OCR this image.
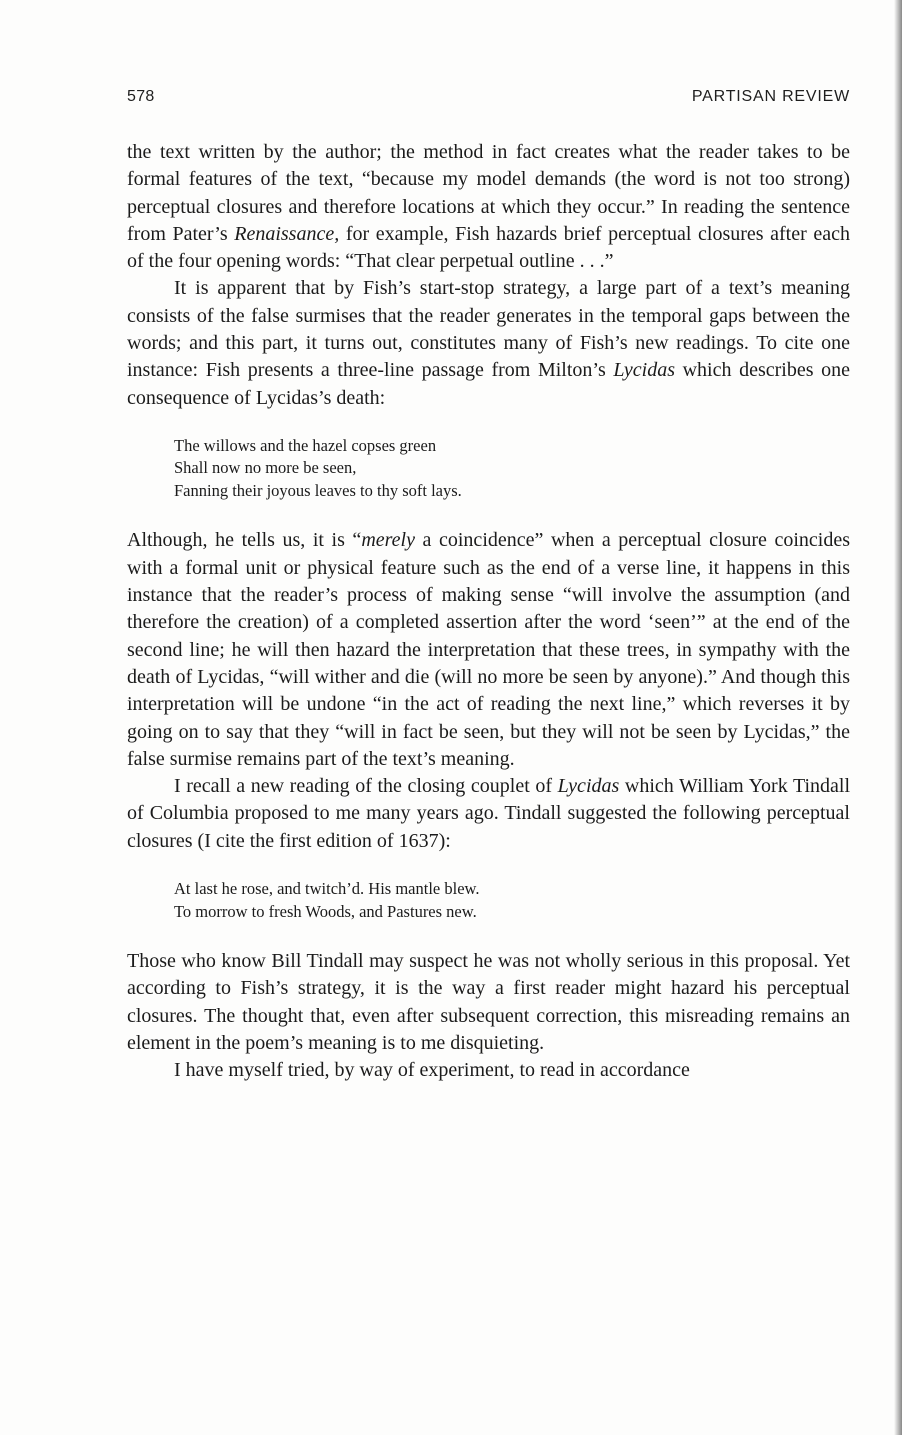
578	PARTISAN REVIEW

the text written by the author; the method in fact creates what the reader takes to be formal features of the text, “because my model demands (the word is not too strong) perceptual closures and therefore locations at which they occur.” In reading the sentence from Pater’s Renaissance, for example, Fish hazards brief perceptual closures after each of the four opening words: “That clear perpetual outline . . .”

It is apparent that by Fish’s start-stop strategy, a large part of a text’s meaning consists of the false surmises that the reader generates in the temporal gaps between the words; and this part, it turns out, constitutes many of Fish’s new readings. To cite one instance: Fish presents a three-line passage from Milton’s Lycidas which describes one consequence of Lycidas’s death:

The willows and the hazel copses green
Shall now no more be seen,
Fanning their joyous leaves to thy soft lays.

Although, he tells us, it is “merely a coincidence” when a perceptual closure coincides with a formal unit or physical feature such as the end of a verse line, it happens in this instance that the reader’s process of making sense “will involve the assumption (and therefore the creation) of a completed assertion after the word ‘seen’” at the end of the second line; he will then hazard the interpretation that these trees, in sympathy with the death of Lycidas, “will wither and die (will no more be seen by anyone).” And though this interpretation will be undone “in the act of reading the next line,” which reverses it by going on to say that they “will in fact be seen, but they will not be seen by Lycidas,” the false surmise remains part of the text’s meaning.

I recall a new reading of the closing couplet of Lycidas which William York Tindall of Columbia proposed to me many years ago. Tindall suggested the following perceptual closures (I cite the first edition of 1637):

At last he rose, and twitch’d. His mantle blew.
To morrow to fresh Woods, and Pastures new.

Those who know Bill Tindall may suspect he was not wholly serious in this proposal. Yet according to Fish’s strategy, it is the way a first reader might hazard his perceptual closures. The thought that, even after subsequent correction, this misreading remains an element in the poem’s meaning is to me disquieting.

I have myself tried, by way of experiment, to read in accordance
